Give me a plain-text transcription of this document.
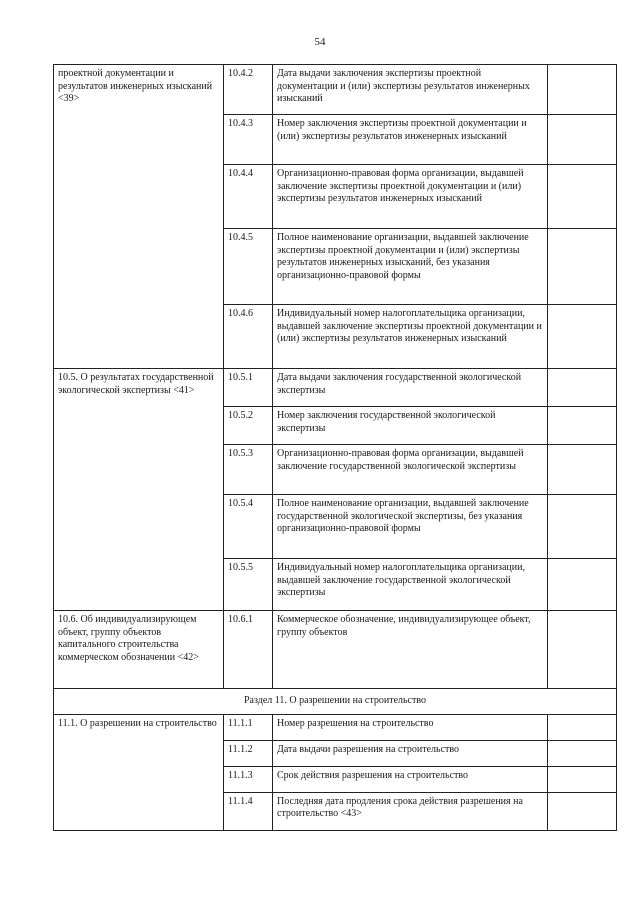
54
проектной документации и результатов инженерных изысканий <39>	10.4.2	Дата выдачи заключения экспертизы проектной документации и (или) экспертизы результатов инженерных изысканий	
	10.4.3	Номер заключения экспертизы проектной документации и (или) экспертизы результатов инженерных изысканий	
	10.4.4	Организационно-правовая форма организации, выдавшей заключение экспертизы проектной документации и (или) экспертизы результатов инженерных изысканий	
	10.4.5	Полное наименование организации, выдавшей заключение экспертизы проектной документации и (или) экспертизы результатов инженерных изысканий, без указания организационно-правовой формы	
	10.4.6	Индивидуальный номер налогоплательщика организации, выдавшей заключение экспертизы проектной документации и (или) экспертизы результатов инженерных изысканий	
10.5. О результатах государственной экологической экспертизы <41>	10.5.1	Дата выдачи заключения государственной экологической экспертизы	
	10.5.2	Номер заключения государственной экологической экспертизы	
	10.5.3	Организационно-правовая форма организации, выдавшей заключение государственной экологической экспертизы	
	10.5.4	Полное наименование организации, выдавшей заключение государственной экологической экспертизы, без указания организационно-правовой формы	
	10.5.5	Индивидуальный номер налогоплательщика организации, выдавшей заключение государственной экологической экспертизы	
10.6. Об индивидуализирующем объект, группу объектов капитального строительства коммерческом обозначении <42>	10.6.1	Коммерческое обозначение, индивидуализирующее объект, группу объектов	
Раздел 11. О разрешении на строительство			
11.1. О разрешении на строительство	11.1.1	Номер разрешения на строительство	
	11.1.2	Дата выдачи разрешения на строительство	
	11.1.3	Срок действия разрешения на строительство	
	11.1.4	Последняя дата продления срока действия разрешения на строительство <43>	
